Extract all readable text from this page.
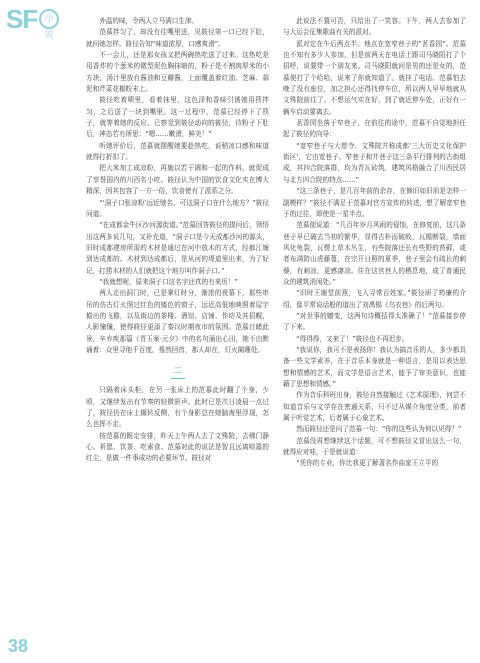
SF 小说

外温的味，令两人立马满口生津。

范慕拌匀了，却没有往嘴里送，见筱径第一口已经下肚，就问她怎样。筱径告知“味道浓厚，口感爽滑”。

不一会儿，还是那女孩又把两碗热吃送了过来。这热吃是用香炸的个葱米的微型泥色胸抹缩的，粉子是不割肉厚米的小方块，汤汁里放有酱油和豆瓣酱，上面覆盖着红油、芝麻、蒜泥和芹菜花椒粉末上。

筱径吃着啧里，看着抹里，这色泽和香味引诱她用筷拌匀，之后送了一块到嘴里。这一过程中，范慕已经停下了筷子，就等着她的反应。已察觉到筱径动向的筱径，待粉子下肚后，神态若有所思：“嗯……嫩滑，鲜美！”

听她评价后，范慕就摆醒她要趁热吃，说稍凉口感和味道就得打折扣了。

把大米加工成凉粉，再施以若干调和一起的作料，就促成了享誉国内的川西名小吃。筱径认为中国的饮食文化实在博大精深，因其包容了一方一俗，饮食使有了派系之分。

“‘洞子口张凉粉’远近驰名，可这洞子口在什么地方？”筱径问道。

“在成都金牛区沙河源街道。”范慕回答筱径的提问后，领悟出这两多说几句，又补充道，“洞子口是今天成都沙河的源头，旧时成都建房所需的木材是通过在河中放木的方式，经都江堰到达成都的。木材到达成都后，是从河的堤道里出来，为了好记，打捞木材的人们就把这个地方叫作洞子口。”

“我就想呢，原来洞子口这名字还真的有来历！”

两人走出洞门时，已是掌灯时分，渐浓的夜幕下，那些串吊的仿古灯火照过红色的镂色的窗子，远近高低地映照着屋宇檐出的飞檐，以及街边的茶楼、酒馆、店铺、作坊及其招幌，人影憧憧，使得筱径更添了秦汉时期夜市的氛围。范慕目睹此景，辛弃疾那篇《青玉案·元夕》中的名句涌出心田，她不由默诵着：众里寻他千百度，蓦然回首，那人却在，灯火阑珊处。

二

只隔着床头柜，在另一张床上的范慕此时翻了个身，少顷，又继续发出有节奏的轻微鼾声。此时已是次日凌晨一点过了，筱径仍在床上辗转反侧，有个身影总在她脑海里浮现，怎么也挥不走。

按范慕的既定安排，昨天上午两人去了文殊院，去佛门静心、祈愿、饮茶、吃素食。范慕对此的说法是智且远离喧嚣的红尘，是做一件事成功的必要环节。筱径对

此说法不置可否，只给出了一笑容。下午，两人去参加了与大运会征集歌曲有关的派对。

派对定在午后两点半。地点在宽窄巷子的“茗香园”。范慕也不知有多少人参加，但是前两天在电话上跟司马晓阳打了个招呼，说要带一个朋友来。司马晓阳就问是男的还是女的，范慕便打了个哈哈，说来了你就知道了。就挂了电话。范慕怕去晚了没有座位，加之担心还得找停车位，所以两人早早地就从文殊院前往了。不想运气实在好，到了就近停车处，正好有一辆车启动要离去。

茗香园坐落于窄巷子，在前往的途中，范慕不自觉地担任起了筱径的向导：

“宽窄巷子与大慈寺、文殊院并称成都‘三大历史文化保护街区’，它由宽巷子、窄巷子和井巷子这三条平行排列的古街组成，其四合院落群，均为青瓦砖筑，建筑风格融合了川西民居与北方四合院的特点……”

“这三条巷子，是几百年前的余存，在修旧如旧前是怎样一副模样？”筱径不满足于范慕对官方宣传的转述，想了解宽窄巷子的过往，即使是一星半点。

范慕便说道：“几百年岁月风雨的侵蚀，在修复前，这几条巷子早已破去当初的繁华，显得古朴而破败，瓦檐断裂，墙面风化龟裂，瓦楞上草木丛生，有些院落还长有些野的苔藓，或者布满防山虎藤蔓，在宗开日照的夏季，巷子里会有疏长的刺藜，有刺凉，更感凄凉。住在这宫巷人的栖息地，成了普通民众的建筑消闲处。”

“旧时王谢堂前燕，飞入寻常百姓家。”筱径研了筠廉的介绍，像平常说话般的道出了刘禹锡《乌衣巷》的后两句。

“对世事的嬗变，这两句诗概括得太准确了！”范慕接步停了下来。

“得得得，又来了！”筱径也不再迟步。

“我说你，我可不是表扬你！我认为搞音乐的人，多少都具备一些文学素养，在于音乐本身就是一种语言，是用以表达思想和情感的艺术，而文学是语言艺术，能予了审美意识，也能藉了思想和情感。”

作为音乐科班出身，筱径自然接触过《艺术原理》，何尝不知道音乐与文学存在密通关系，只不过从媒介角度分类，前者属于听觉艺术，后者属于心象艺术。

然而筱径还是问了范慕一句：“你的这些认为何以见得？”

范慕没再想继续这个话题，可不想筱径又冒出这么一句，就得应对哇，于是就说道：

“凭你的专业，你比我更了解著名作曲家王立平的

38
